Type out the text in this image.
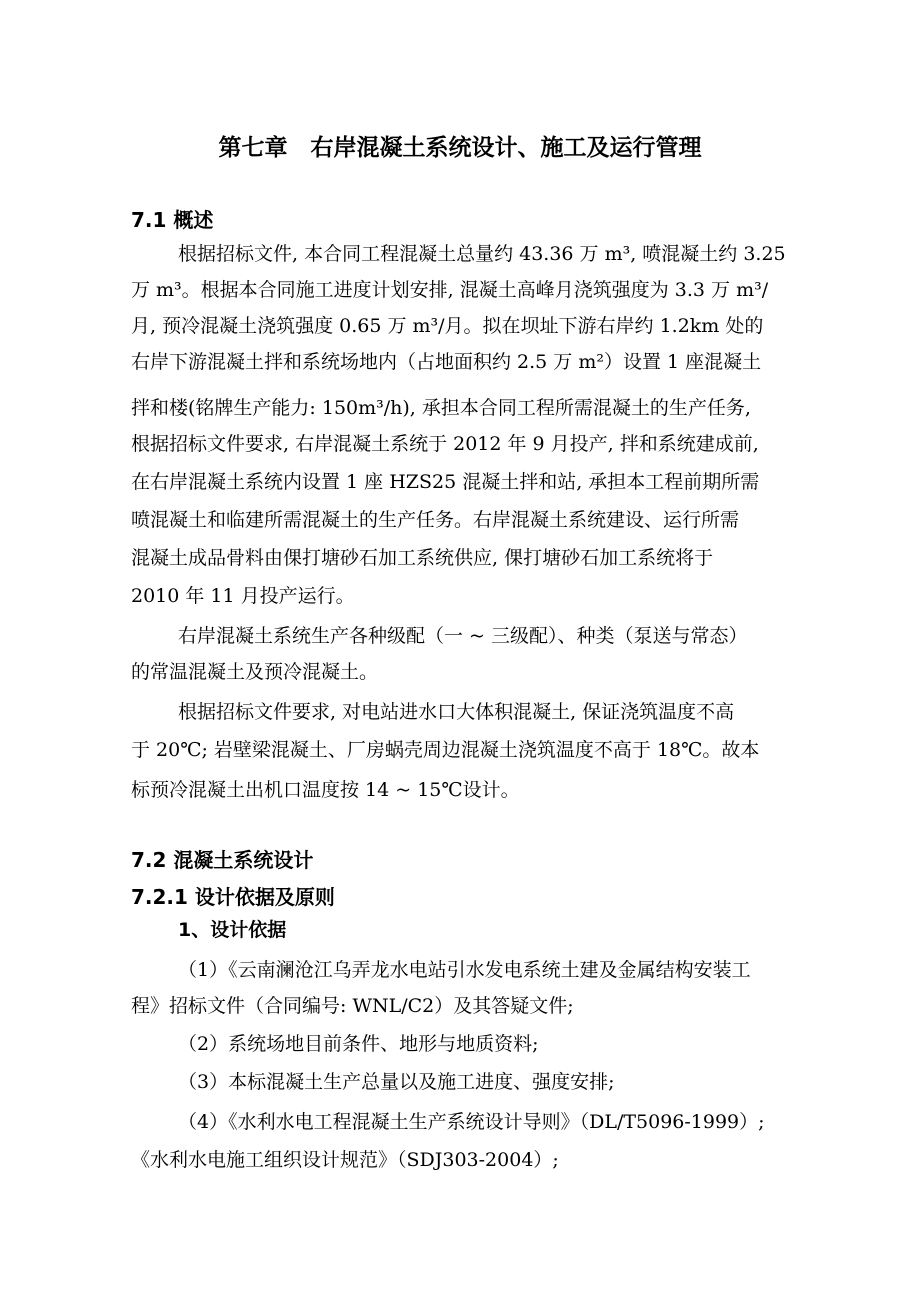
第七章　右岸混凝土系统设计、施工及运行管理
7.1 概述
根据招标文件, 本合同工程混凝土总量约 43.36 万 m³, 喷混凝土约 3.25
万 m³。根据本合同施工进度计划安排, 混凝土高峰月浇筑强度为 3.3 万 m³/
月, 预冷混凝土浇筑强度 0.65 万 m³/月。拟在坝址下游右岸约 1.2km 处的
右岸下游混凝土拌和系统场地内（占地面积约 2.5 万 m²）设置 1 座混凝土
拌和楼(铭牌生产能力: 150m³/h), 承担本合同工程所需混凝土的生产任务,
根据招标文件要求, 右岸混凝土系统于 2012 年 9 月投产, 拌和系统建成前,
在右岸混凝土系统内设置 1 座 HZS25 混凝土拌和站, 承担本工程前期所需
喷混凝土和临建所需混凝土的生产任务。右岸混凝土系统建设、运行所需
混凝土成品骨料由倮打塘砂石加工系统供应, 倮打塘砂石加工系统将于
2010 年 11 月投产运行。
右岸混凝土系统生产各种级配（一 ~ 三级配）、种类（泵送与常态）
的常温混凝土及预冷混凝土。
根据招标文件要求, 对电站进水口大体积混凝土, 保证浇筑温度不高
于 20℃; 岩壁梁混凝土、厂房蜗壳周边混凝土浇筑温度不高于 18℃。故本
标预冷混凝土出机口温度按 14 ~ 15℃设计。
7.2 混凝土系统设计
7.2.1 设计依据及原则
1、设计依据
（1）《云南澜沧江乌弄龙水电站引水发电系统土建及金属结构安装工
程》招标文件（合同编号: WNL/C2）及其答疑文件;
（2）系统场地目前条件、地形与地质资料;
（3）本标混凝土生产总量以及施工进度、强度安排;
（4）《水利水电工程混凝土生产系统设计导则》（DL/T5096-1999）;
《水利水电施工组织设计规范》（SDJ303-2004）;
